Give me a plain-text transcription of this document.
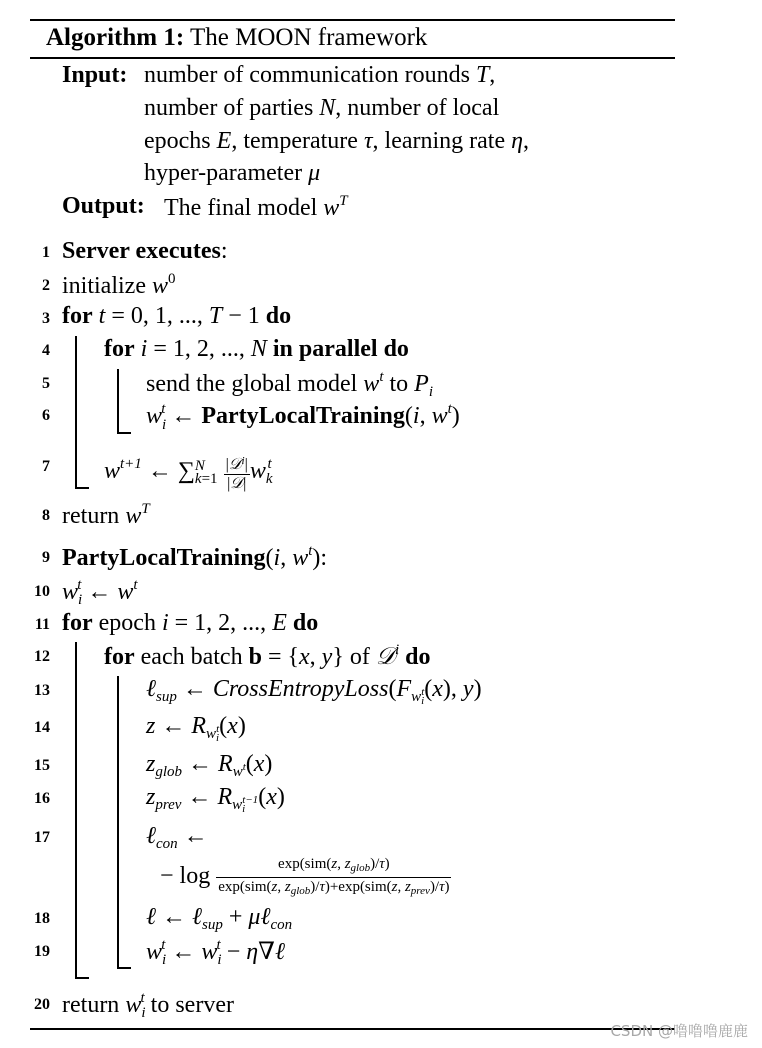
Algorithm 1: The MOON framework
Input: number of communication rounds T,
number of parties N, number of local
epochs E, temperature τ, learning rate η,
hyper-parameter μ
Output: The final model $w^T$
1
2
3
4
5
6
7
8
9
10
11
12
13
14
15
16
17
18
19
20
Server executes:
initialize $w^0$
for t = 0, 1, ..., T − 1 do
for i = 1, 2, ..., N in parallel do
send the global model $w^t$ to $P_i$
$w_i^t$ ← PartyLocalTraining(i, $w^t$)
$w^{t+1}$ ← ∑N
$k=1 \frac{|𝒟^i|}{\text{|𝒟|}} w_k^t$
return $w^T$
PartyLocalTraining(i, $w^t$):
$w_i^t$ ← $w^t$
for epoch i = 1, 2, ..., E do
for each batch b = {x, y} of 𝒟$^i$ do
ℓ$_{sup}$ ← $CrossEntropyLoss(F_{w_i^t}(x)$, y)
z ← $R_{w_i^t}(x)$
$z_{glob}$ ← $R_{w^t}(x)$
$z_{prev}$ ← $R_{w_i^{t-1}}(x)$
ℓ$_{con}$ ←
− $\log \frac{\exp(sim(z, z_{glob})/\tau)}{\exp(sim(z, z_{glob})/\tau)+\exp(sim(z, z_{prev})/\tau)}$
ℓ ← ℓ$_{sup}$ + μℓ$_{con}$
$w_i^t$ ← $w_i^t$ − η∇ℓ
return $w_i^t$ to server
CSDN @噜噜噜鹿鹿
